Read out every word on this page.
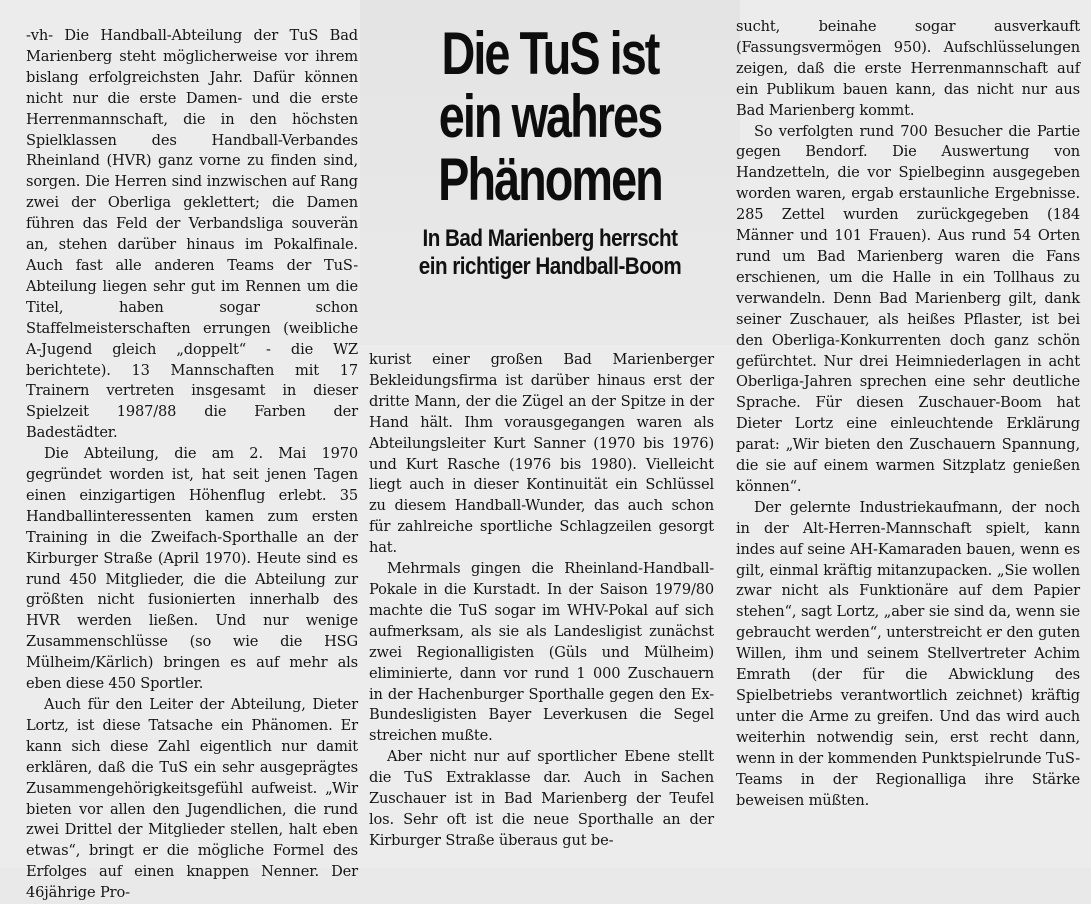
-vh- Die Handball-Abteilung der TuS Bad Marienberg steht möglicherweise vor ihrem bislang erfolgreichsten Jahr. Dafür können nicht nur die erste Damen- und die erste Herrenmannschaft, die in den höchsten Spielklassen des Handball-Verbandes Rheinland (HVR) ganz vorne zu finden sind, sorgen. Die Herren sind inzwischen auf Rang zwei der Oberliga geklettert; die Damen führen das Feld der Verbandsliga souverän an, stehen darüber hinaus im Pokalfinale. Auch fast alle anderen Teams der TuS-Abteilung liegen sehr gut im Rennen um die Titel, haben sogar schon Staffelmeisterschaften errungen (weibliche A-Jugend gleich „doppelt“ - die WZ berichtete). 13 Mannschaften mit 17 Trainern vertreten insgesamt in dieser Spielzeit 1987/88 die Farben der Badestädter.

Die Abteilung, die am 2. Mai 1970 gegründet worden ist, hat seit jenen Tagen einen einzigartigen Höhenflug erlebt. 35 Handballinteressenten kamen zum ersten Training in die Zweifach-Sporthalle an der Kirburger Straße (April 1970). Heute sind es rund 450 Mitglieder, die die Abteilung zur größten nicht fusionierten innerhalb des HVR werden ließen. Und nur wenige Zusammenschlüsse (so wie die HSG Mülheim/Kärlich) bringen es auf mehr als eben diese 450 Sportler.

Auch für den Leiter der Abteilung, Dieter Lortz, ist diese Tatsache ein Phänomen. Er kann sich diese Zahl eigentlich nur damit erklären, daß die TuS ein sehr ausgeprägtes Zusammengehörigkeitsgefühl aufweist. „Wir bieten vor allen den Jugendlichen, die rund zwei Drittel der Mitglieder stellen, halt eben etwas“, bringt er die mögliche Formel des Erfolges auf einen knappen Nenner. Der 46jährige Pro-

Die TuS ist
ein wahres
Phänomen
In Bad Marienberg herrscht
ein richtiger Handball-Boom

kurist einer großen Bad Marienberger Bekleidungsfirma ist darüber hinaus erst der dritte Mann, der die Zügel an der Spitze in der Hand hält. Ihm vorausgegangen waren als Abteilungsleiter Kurt Sanner (1970 bis 1976) und Kurt Rasche (1976 bis 1980). Vielleicht liegt auch in dieser Kontinuität ein Schlüssel zu diesem Handball-Wunder, das auch schon für zahlreiche sportliche Schlagzeilen gesorgt hat.

Mehrmals gingen die Rheinland-Handball-Pokale in die Kurstadt. In der Saison 1979/80 machte die TuS sogar im WHV-Pokal auf sich aufmerksam, als sie als Landesligist zunächst zwei Regionalligisten (Güls und Mülheim) eliminierte, dann vor rund 1 000 Zuschauern in der Hachenburger Sporthalle gegen den Ex-Bundesligisten Bayer Leverkusen die Segel streichen mußte.

Aber nicht nur auf sportlicher Ebene stellt die TuS Extraklasse dar. Auch in Sachen Zuschauer ist in Bad Marienberg der Teufel los. Sehr oft ist die neue Sporthalle an der Kirburger Straße überaus gut be-

sucht, beinahe sogar ausverkauft (Fassungsvermögen 950). Aufschlüsselungen zeigen, daß die erste Herrenmannschaft auf ein Publikum bauen kann, das nicht nur aus Bad Marienberg kommt.

So verfolgten rund 700 Besucher die Partie gegen Bendorf. Die Auswertung von Handzetteln, die vor Spielbeginn ausgegeben worden waren, ergab erstaunliche Ergebnisse. 285 Zettel wurden zurückgegeben (184 Männer und 101 Frauen). Aus rund 54 Orten rund um Bad Marienberg waren die Fans erschienen, um die Halle in ein Tollhaus zu verwandeln. Denn Bad Marienberg gilt, dank seiner Zuschauer, als heißes Pflaster, ist bei den Oberliga-Konkurrenten doch ganz schön gefürchtet. Nur drei Heimniederlagen in acht Oberliga-Jahren sprechen eine sehr deutliche Sprache. Für diesen Zuschauer-Boom hat Dieter Lortz eine einleuchtende Erklärung parat: „Wir bieten den Zuschauern Spannung, die sie auf einem warmen Sitzplatz genießen können“.

Der gelernte Industriekaufmann, der noch in der Alt-Herren-Mannschaft spielt, kann indes auf seine AH-Kamaraden bauen, wenn es gilt, einmal kräftig mitanzupacken. „Sie wollen zwar nicht als Funktionäre auf dem Papier stehen“, sagt Lortz, „aber sie sind da, wenn sie gebraucht werden“, unterstreicht er den guten Willen, ihm und seinem Stellvertreter Achim Emrath (der für die Abwicklung des Spielbetriebs verantwortlich zeichnet) kräftig unter die Arme zu greifen. Und das wird auch weiterhin notwendig sein, erst recht dann, wenn in der kommenden Punktspielrunde TuS-Teams in der Regionalliga ihre Stärke beweisen müßten.
